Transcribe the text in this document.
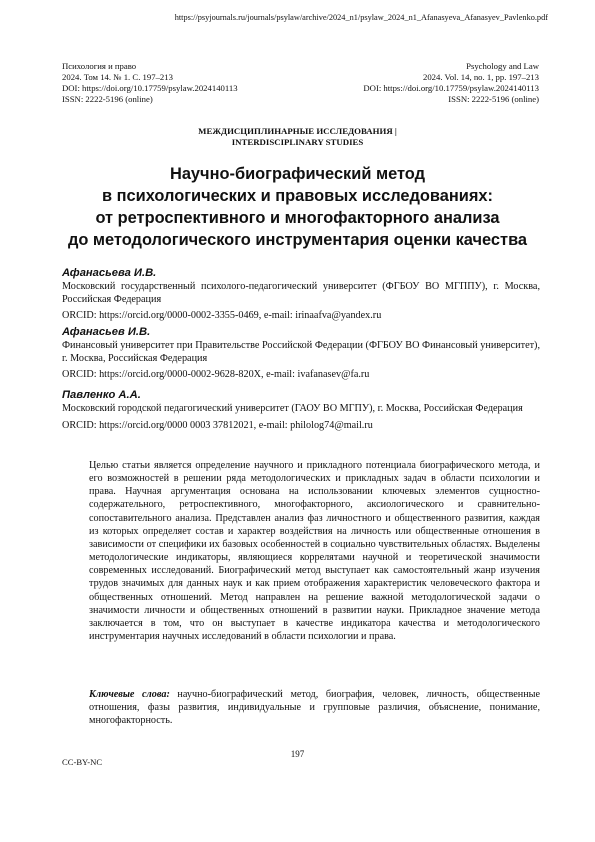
https://psyjournals.ru/journals/psylaw/archive/2024_n1/psylaw_2024_n1_Afanasyeva_Afanasyev_Pavlenko.pdf
Психология и право
2024. Том 14. № 1. С. 197–213
DOI: https://doi.org/10.17759/psylaw.2024140113
ISSN: 2222-5196 (online)
Psychology and Law
2024. Vol. 14, no. 1, pp. 197–213
DOI: https://doi.org/10.17759/psylaw.2024140113
ISSN: 2222-5196 (online)
МЕЖДИСЦИПЛИНАРНЫЕ ИССЛЕДОВАНИЯ |
INTERDISCIPLINARY STUDIES
Научно-биографический метод
в психологических и правовых исследованиях:
от ретроспективного и многофакторного анализа
до методологического инструментария оценки качества
Афанасьева И.В.
Московский государственный психолого-педагогический университет (ФГБОУ ВО МГППУ), г. Москва, Российская Федерация
ORCID: https://orcid.org/0000-0002-3355-0469, e-mail: irinaafva@yandex.ru
Афанасьев И.В.
Финансовый университет при Правительстве Российской Федерации (ФГБОУ ВО Финансовый университет), г. Москва, Российская Федерация
ORCID: https://orcid.org/0000-0002-9628-820X, e-mail: ivafanasev@fa.ru
Павленко А.А.
Московский городской педагогический университет (ГАОУ ВО МГПУ), г. Москва, Российская Федерация
ORCID: https://orcid.org/0000 0003 37812021, e-mail: philolog74@mail.ru
Целью статьи является определение научного и прикладного потенциала биографического метода, и его возможностей в решении ряда методологических и прикладных задач в области психологии и права. Научная аргументация основана на использовании ключевых элементов сущностно-содержательного, ретроспективного, многофакторного, аксиологического и сравнительно-сопоставительного анализа. Представлен анализ фаз личностного и общественного развития, каждая из которых определяет состав и характер воздействия на личность или общественные отношения в зависимости от специфики их базовых особенностей в социально чувствительных областях. Выделены методологические индикаторы, являющиеся коррелятами научной и теоретической значимости современных исследований. Биографический метод выступает как самостоятельный жанр изучения трудов значимых для данных наук и как прием отображения характеристик человеческого фактора и общественных отношений. Метод направлен на решение важной методологической задачи о значимости личности и общественных отношений в развитии науки. Прикладное значение метода заключается в том, что он выступает в качестве индикатора качества и методологического инструментария научных исследований в области психологии и права.
Ключевые слова: научно-биографический метод, биография, человек, личность, общественные отношения, фазы развития, индивидуальные и групповые различия, объяснение, понимание, многофакторность.
197
CC-BY-NC
